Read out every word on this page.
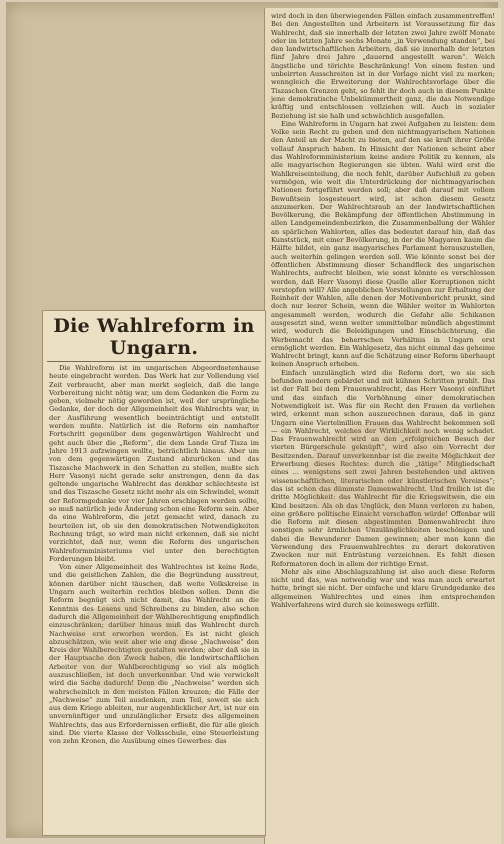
wird doch in den überwiegenden Fällen einfach zusammentreffen! Bei den Angestellten und Arbeitern ist Voraussetzung für das Wahlrecht, daß sie innerhalb der letzten zwei Jahre zwölf Monate oder im letzten Jahre sechs Monate „in Verwendung standen“, bei den landwirtschaftlichen Arbeitern, daß sie innerhalb der letzten fünf Jahre drei Jahre „dauernd angestellt waren“. Welch ängstliche und törichte Beschränkung! Von einem festen und unbeirrten Ausschreiten ist in der Vorlage nicht viel zu merken; wenngleich die Erweiterung der Wahlrechtsvorlage über die Tiszaschen Grenzen geht, so fehlt ihr doch auch in diesem Punkte jene demokratische Unbekümmertheit ganz, die das Notwendige kräftig und entschlossen vollziehen will. Auch in sozialer Beziehung ist sie halb und schwächlich ausgefallen.

Eine Wahlreform in Ungarn hat zwei Aufgaben zu leisten: dem Volke sein Recht zu geben und den nichtmagyarischen Nationen den Anteil an der Macht zu bieten, auf den sie kraft ihrer Größe vollauf Anspruch haben. In Hinsicht der Nationen scheint aber das Wahlreformministerium keine andere Politik zu kennen, als alle magyarischen Regierungen sie übten. Wahl wird erst die Wahlkreiseinteilung, die noch fehlt, darüber Aufschluß zu geben vermögen, wie weit die Unterdrückung der nichtmagyarischen Nationen fortgeführt werden soll; aber daß darauf mit vollem Bewußtsein losgesteuert wird, ist schon diesem Gesetz anzumerken. Der Wahlrechtsraub an der landwirtschaftlichen Bevölkerung, die Bekämpfung der öffentlichen Abstimmung in allen Landgemeindenbezirken, die Zusammenballung der Wähler an spärlichen Wahlorten, alles das bedeutet darauf hin, daß das Kunststück, mit einer Bevölkerung, in der die Magyaren kaum die Hälfte bildet, ein ganz magyarisches Parlament herauszustellen, auch weiterhin gelingen werden soll. Wie könnte sonst bei der öffentlichen Abstimmung dieser Schandfleck des ungarischen Wahlrechts, aufrecht bleiben, wie sonst könnte es verschlossen werden, daß Herr Vasonyi diese Quelle aller Korruptionen nicht verstopfen will? Alle angeblichen Vorstellungen zur Erhaltung der Reinheit der Wahlen, alle denen der Motivenbericht prunkt, sind doch nur leerer Schein, wenn die Wähler weiter in Wahlorten angesammelt werden, wodurch die Gefahr alle Schikanen ausgesetzt sind, wenn weiter ummittelbar mündlich abgestimmt wird, wodurch die Beleidigungen und Einschüchterung, die Werbemacht das beherrschen Verhältnis in Ungarn erst ermöglicht werden. Ein Wahlgesetz, das nicht einmal das geheime Wahlrecht bringt, kann auf die Schätzung einer Reform überhaupt keinen Anspruch erheben.

Einfach unzulänglich wird die Reform dort, wo sie sich befunden modern gebärdet und mit kühnen Schritten prahlt. Das ist der Fall bei dem Frauenwahlrecht, das Herr Vasonyi einführt und das einfach die Verhöhnung einer demokratischen Notwendigkeit ist. Was für ein Recht den Frauen da verliehen wird, erkennt man schon auszurechnen daraus, daß in ganz Ungarn eine Viertelmillion Frauen das Wahlrecht bekommen soll — ein Wahlrecht, welches der Wirklichkeit noch wenig schadet. Das Frauenwahlrecht wird an den „erfolgreichen Besuch der vierten Bürgerschule geknüpft“, wird also ein Vorrecht der Besitzenden. Darauf unverkennbar ist die zweite Möglichkeit der Erwerbung dieses Rechtes: durch die „tätige“ Mitgliedschaft eines ... wenigstens seit zwei Jahren bestehenden und aktiven wissenschaftlichen, literarischen oder künstlerischen Vereines“; das ist schon das dümmste Damenwahlrecht. Und freilich ist die dritte Möglichkeit: das Wahlrecht für die Kriegswitwen, die ein Kind besitzen. Als ob das Unglück, den Mann verloren zu haben, eine größere politische Einsicht verschaffen würde! Offenbar will die Reform mit diesen abgestimmten Damenwahlrecht ihre sonstigen sehr ärmlichen Unzulänglichkeiten beschönigen und dabei die Bewunderer Damen gewinnen; aber man kann die Verwendung des Frauenwahlrechtes zu derart dekorativen Zwecken nur mit Entrüstung verzeichnen. Es fehlt diesen Reformatoren doch in allem der richtige Ernst.

Mehr als eine Abschlagszahlung ist also auch diese Reform nicht und das, was notwendig war und was man auch erwartet hatte, bringt sie nicht. Der einfache und klare Grundgedanke des allgemeinen Wahlrechtes und eines ihm entsprechenden Wahlverfahrens wird durch sie keineswegs erfüllt.

Die Wahlreform in Ungarn.

Die Wahlreform ist im ungarischen Abgeordnetenhause heute eingebracht worden. Das Werk hat zur Vollendung viel Zeit verbraucht, aber man merkt sogleich, daß die lange Vorbereitung nicht nötig war, um dem Gedanken die Form zu geben, vielmehr nötig geworden ist, weil der ursprüngliche Gedanke, der doch der Allgemeinheit des Wahlrechts war, in der Ausführung wesentlich beeinträchtigt und entstellt werden mußte. Natürlich ist die Reform ein namhafter Fortschritt gegenüber dem gegenwärtigen Wahlrecht und geht auch über die „Reform“, die dem Lande Graf Tisza im Jahre 1913 aufzwingen wollte, beträchtlich hinaus. Aber um von dem gegenwärtigen Zustand abzurücken und das Tiszasche Machwerk in den Schatten zu stellen, mußte sich Herr Vasonyi nicht gerade sehr anstrengen, denn da das geltende ungarische Wahlrecht das denkbar schlechteste ist und das Tiszasche Gesetz nicht mehr als ein Schwindel, womit der Reformgedanke vor vier Jahren erschlagen werden sollte, so muß natürlich jede Änderung schon eine Reform sein. Aber da eine Wahlreform, die jetzt gemacht wird, danach zu beurteilen ist, ob sie den demokratischen Notwendigkeiten Rechnung trägt, so wird man nicht erkennen, daß sie nicht verzichtet, daß nur, wenn die Reform des ungarischen Wahlreformministeriums viel unter den berechtigten Forderungen bleibt.

Von einer Allgemeinheit des Wahlrechtes ist keine Rede, und die geistlichen Zahlen, die die Begründung ausstreut, können darüber nicht täuschen, daß weite Volkskreise in Ungarn auch weiterhin rechtlos bleiben sollen. Denn die Reform begnügt sich nicht damit, das Wahlrecht an die Kenntnis des Lesens und Schreibens zu binden, also schon dadurch die Allgemeinheit der Wahlberechtigung empfindlich einzuschränken; darüber hinaus muß das Wahlrecht durch Nachweise erst erworben werden. Es ist nicht gleich abzuschätzen, wie weit aber wie eng diese „Nachweise“ den Kreis der Wahlberechtigten gestalten werden; aber daß sie in der Hauptsache den Zweck haben, die landwirtschaftlichen Arbeiter von der Wahlberechtigung so viel als möglich auszuschließen, ist doch unverkennbar. Und wie verwickelt wird die Sache dadurch! Denn die „Nachweise“ werden sich wahrscheinlich in den meisten Fällen kreuzen; die Fälle der „Nachweise“ zum Teil ausdenken, zum Teil, soweit sie sich aus dem Kriege ableiten, nur augenblicklicher Art, ist nur ein unvernünftiger und unzulänglicher Ersatz des allgemeinen Wahlrechts, das aus Erfordernissen erfließt, die für alle gleich sind. Die vierte Klasse der Volksschule, eine Steuerleistung von zehn Kronen, die Ausübung eines Gewerbes: das
